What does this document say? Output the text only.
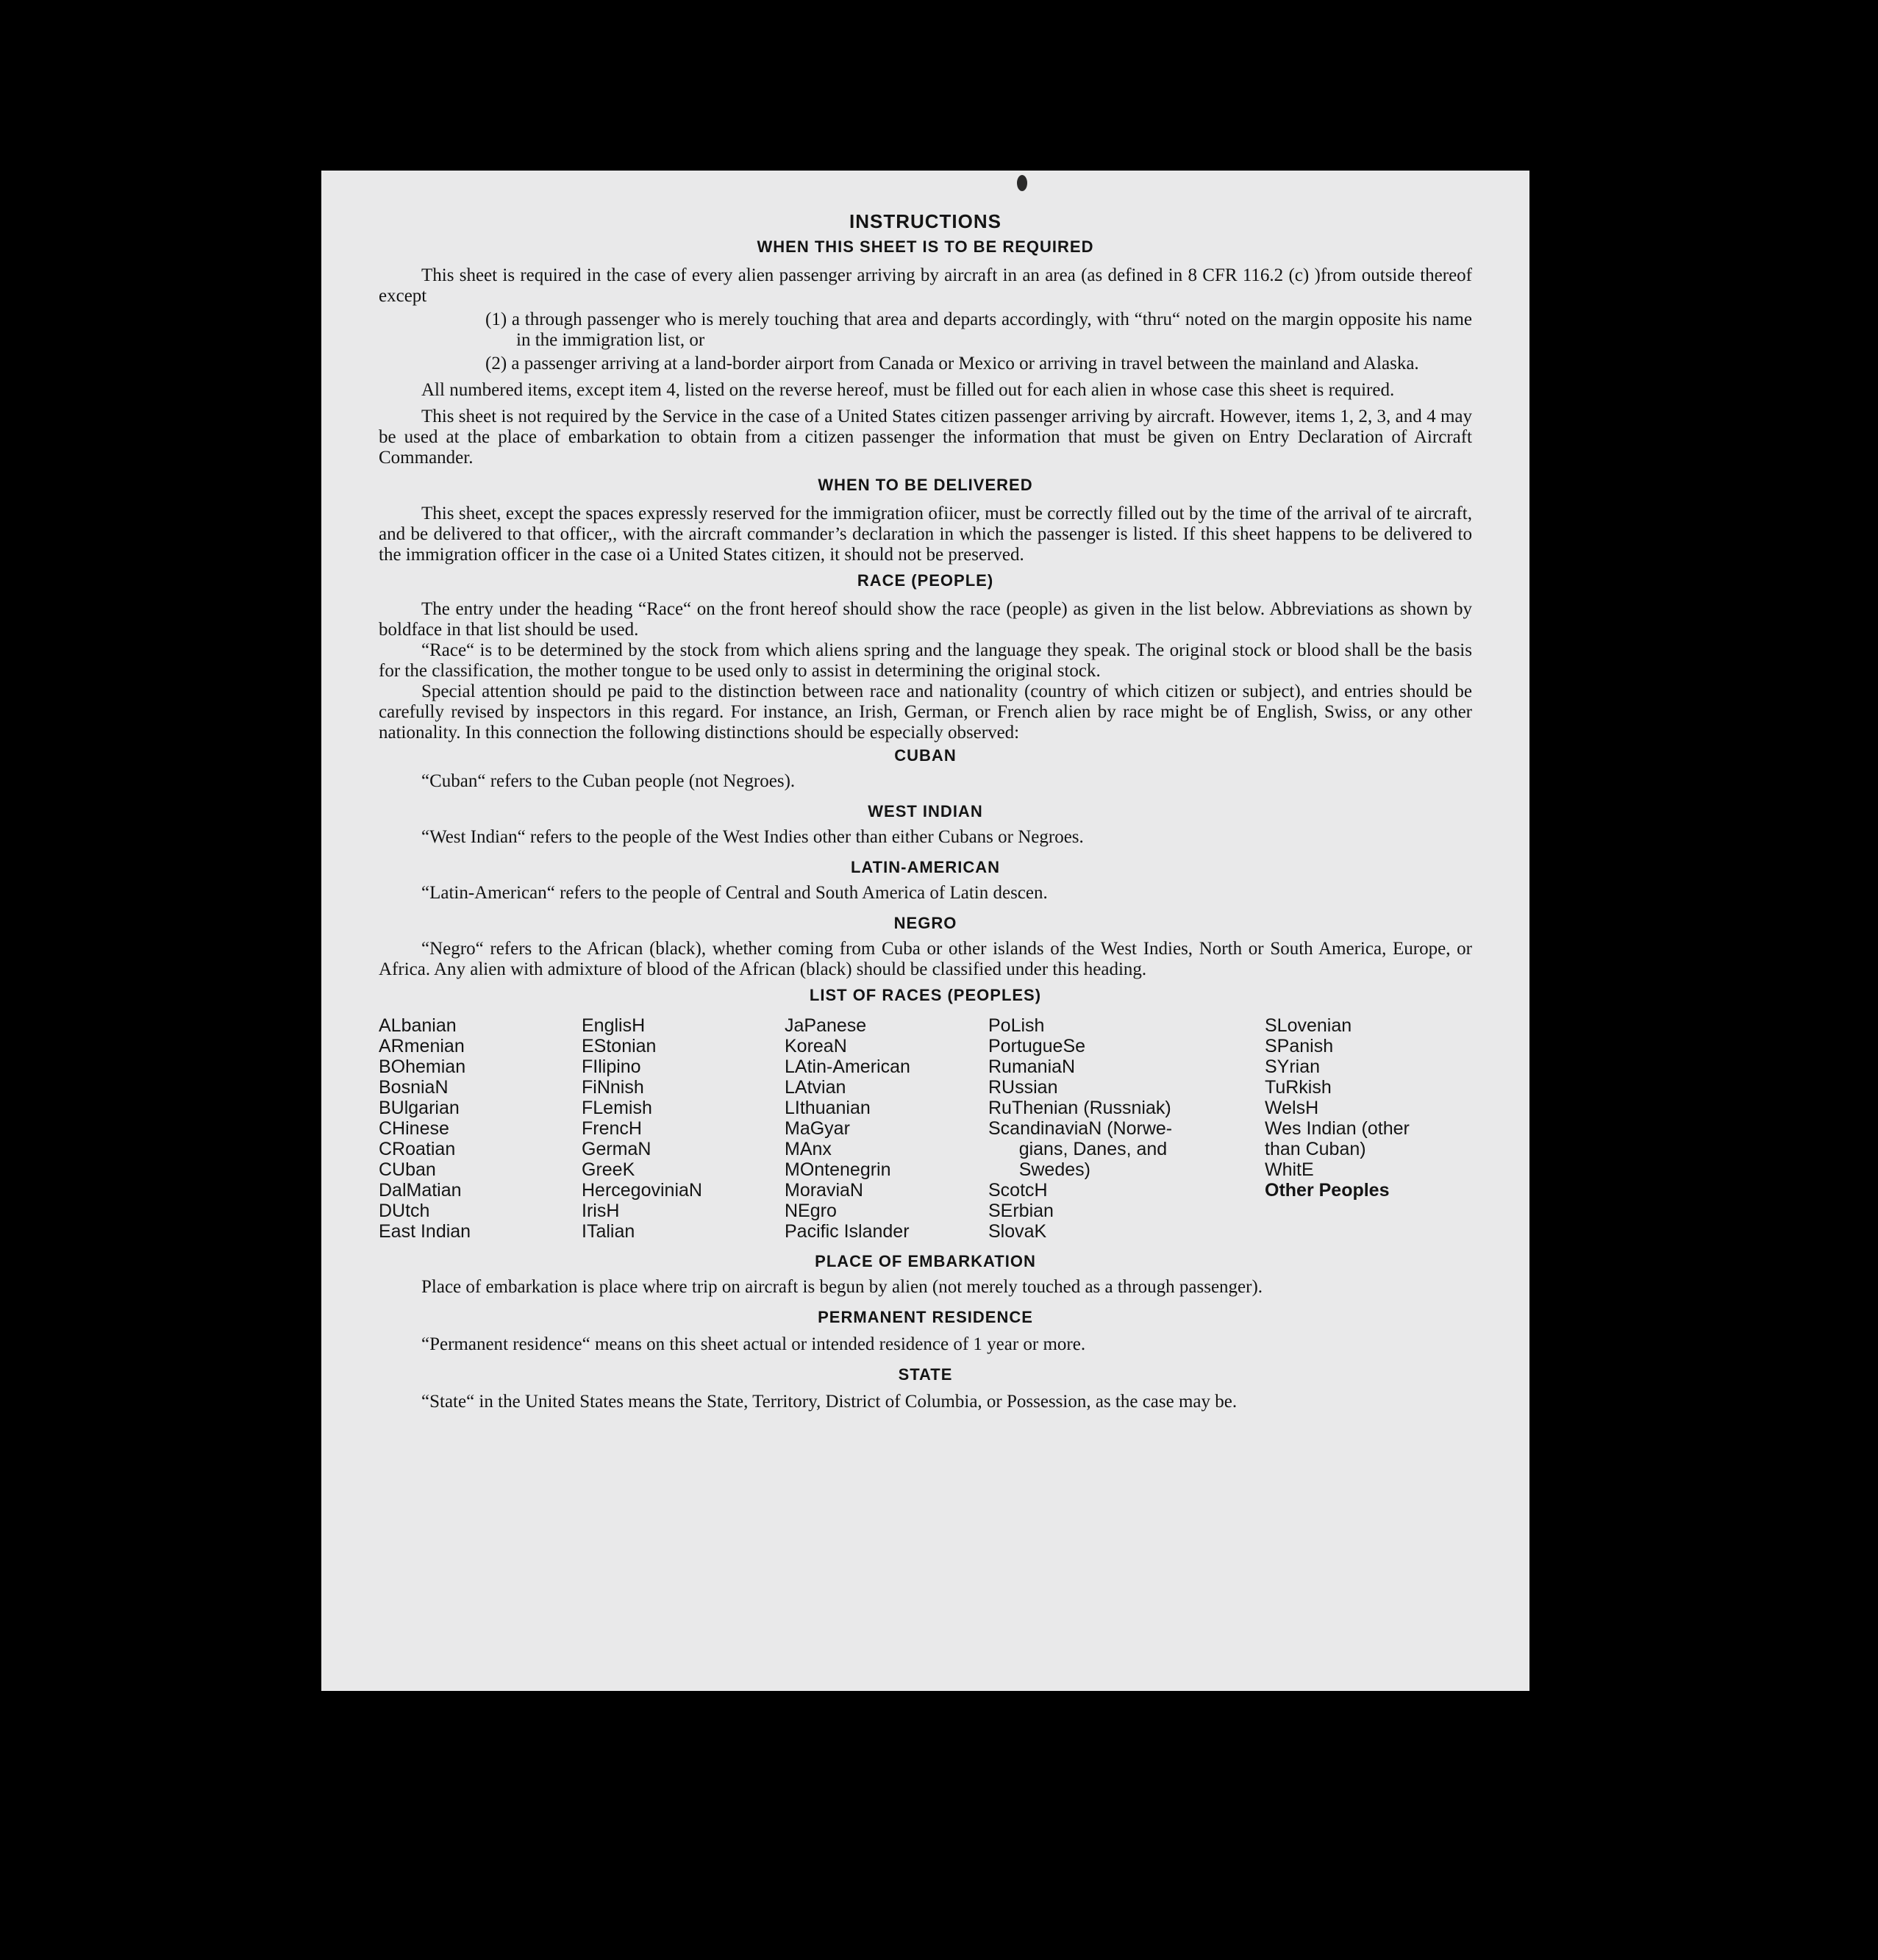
INSTRUCTIONS
WHEN THIS SHEET IS TO BE REQUIRED

This sheet is required in the case of every alien passenger arriving by aircraft in an area (as defined in 8 CFR 116.2 (c) )from outside thereof except

(1) a through passenger who is merely touching that area and departs accordingly, with “thru“ noted on the margin opposite his name in the immigration list, or

(2) a passenger arriving at a land-border airport from Canada or Mexico or arriving in travel between the mainland and Alaska.

All numbered items, except item 4, listed on the reverse hereof, must be filled out for each alien in whose case this sheet is required.

This sheet is not required by the Service in the case of a United States citizen passenger arriving by aircraft. However, items 1, 2, 3, and 4 may be used at the place of embarkation to obtain from a citizen passenger the information that must be given on Entry Declaration of Aircraft Commander.

WHEN TO BE DELIVERED

This sheet, except the spaces expressly reserved for the immigration ofiicer, must be correctly filled out by the time of the arrival of te aircraft, and be delivered to that officer,, with the aircraft commander’s declaration in which the passenger is listed. If this sheet happens to be delivered to the immigration officer in the case oi a United States citizen, it should not be preserved.

RACE (PEOPLE)

The entry under the heading “Race“ on the front hereof should show the race (people) as given in the list below. Abbreviations as shown by boldface in that list should be used.

“Race“ is to be determined by the stock from which aliens spring and the language they speak. The original stock or blood shall be the basis for the classification, the mother tongue to be used only to assist in determining the original stock.

Special attention should pe paid to the distinction between race and nationality (country of which citizen or subject), and entries should be carefully revised by inspectors in this regard. For instance, an Irish, German, or French alien by race might be of English, Swiss, or any other nationality. In this connection the following distinctions should be especially observed:

CUBAN

“Cuban“ refers to the Cuban people (not Negroes).

WEST INDIAN

“West Indian“ refers to the people of the West Indies other than either Cubans or Negroes.

LATIN-AMERICAN

“Latin-American“ refers to the people of Central and South America of Latin descen.

NEGRO

“Negro“ refers to the African (black), whether coming from Cuba or other islands of the West Indies, North or South America, Europe, or Africa. Any alien with admixture of blood of the African (black) should be classified under this heading.

LIST OF RACES (PEOPLES)
ALbanian
ARmenian
BOhemian
BosniaN
BUlgarian
CHinese
CRoatian
CUban
DalMatian
DUtch
East Indian
EnglisH
EStonian
FIlipino
FiNnish
FLemish
FrencH
GermaN
GreeK
HercegoviniaN
IrisH
ITalian
JaPanese
KoreaN
LAtin-American
LAtvian
LIthuanian
MaGyar
MAnx
MOntenegrin
MoraviaN
NEgro
Pacific Islander
PoLish
PortugueSe
RumaniaN
RUssian
RuThenian (Russniak)
ScandinaviaN (Norwe-
gians, Danes, and
Swedes)
ScotcH
SErbian
SlovaK
SLovenian
SPanish
SYrian
TuRkish
WelsH
Wes Indian (other
than Cuban)
WhitE
Other Peoples
PLACE OF EMBARKATION

Place of embarkation is place where trip on aircraft is begun by alien (not merely touched as a through passenger).

PERMANENT RESIDENCE

“Permanent residence“ means on this sheet actual or intended residence of 1 year or more.

STATE

“State“ in the United States means the State, Territory, District of Columbia, or Possession, as the case may be.
